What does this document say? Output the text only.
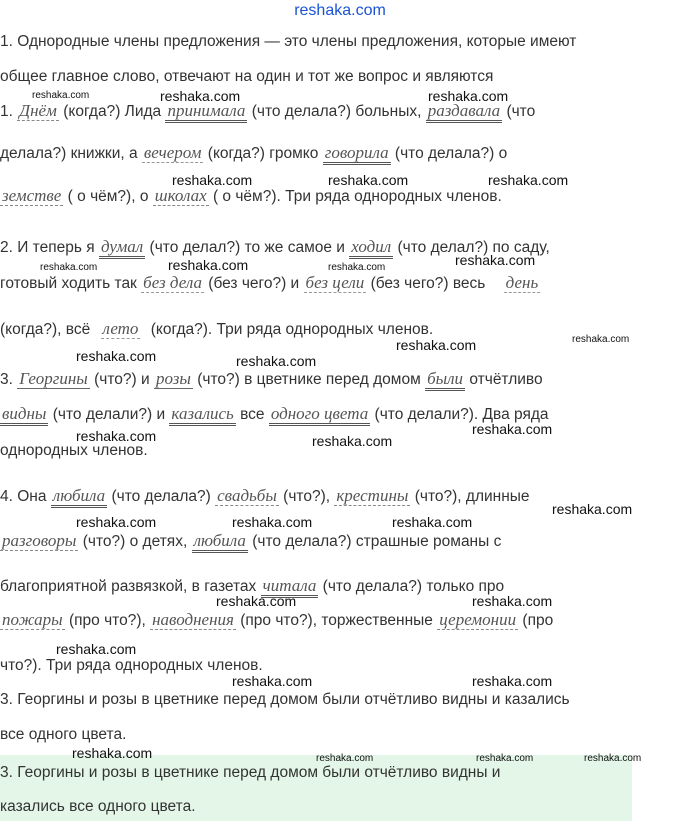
reshaka.com
1. Однородные члены предложения — это члены предложения, которые имеют
общее главное слово, отвечают на один и тот же вопрос и являются
1. Днём (когда?) Лида принимала (что делала?) больных, раздавала (что
делала?) книжки, а вечером (когда?) громко говорила (что делала?) о
земстве ( о чём?), о школах ( о чём?). Три ряда однородных членов.
2. И теперь я думал (что делал?) то же самое и ходил (что делал?) по саду,
готовый ходить так без дела (без чего?) и без цели (без чего?) весь день
(когда?), всё лето (когда?). Три ряда однородных членов.
3. Георгины (что?) и розы (что?) в цветнике перед домом были отчётливо
видны (что делали?) и казались все одного цвета (что делали?). Два ряда
однородных членов.
4. Она любила (что делала?) свадьбы (что?), крестины (что?), длинные
разговоры (что?) о детях, любила (что делала?) страшные романы с
благоприятной развязкой, в газетах читала (что делала?) только про
пожары (про что?), наводнения (про что?), торжественные церемонии (про
что?). Три ряда однородных членов.
3. Георгины и розы в цветнике перед домом были отчётливо видны и казались
все одного цвета.
3. Георгины и розы в цветнике перед домом были отчётливо видны и
казались все одного цвета.
reshaka.com	reshaka.com	reshaka.com
reshaka.com	reshaka.com	reshaka.com
reshaka.com	reshaka.com	reshaka.com	reshaka.com
reshaka.com
reshaka.com
reshaka.com	reshaka.com
reshaka.com	reshaka.com
reshaka.com
reshaka.com	reshaka.com	reshaka.com
reshaka.com
reshaka.com	reshaka.com
reshaka.com
reshaka.com	reshaka.com
reshaka.com	reshaka.com	reshaka.com	reshaka.com
